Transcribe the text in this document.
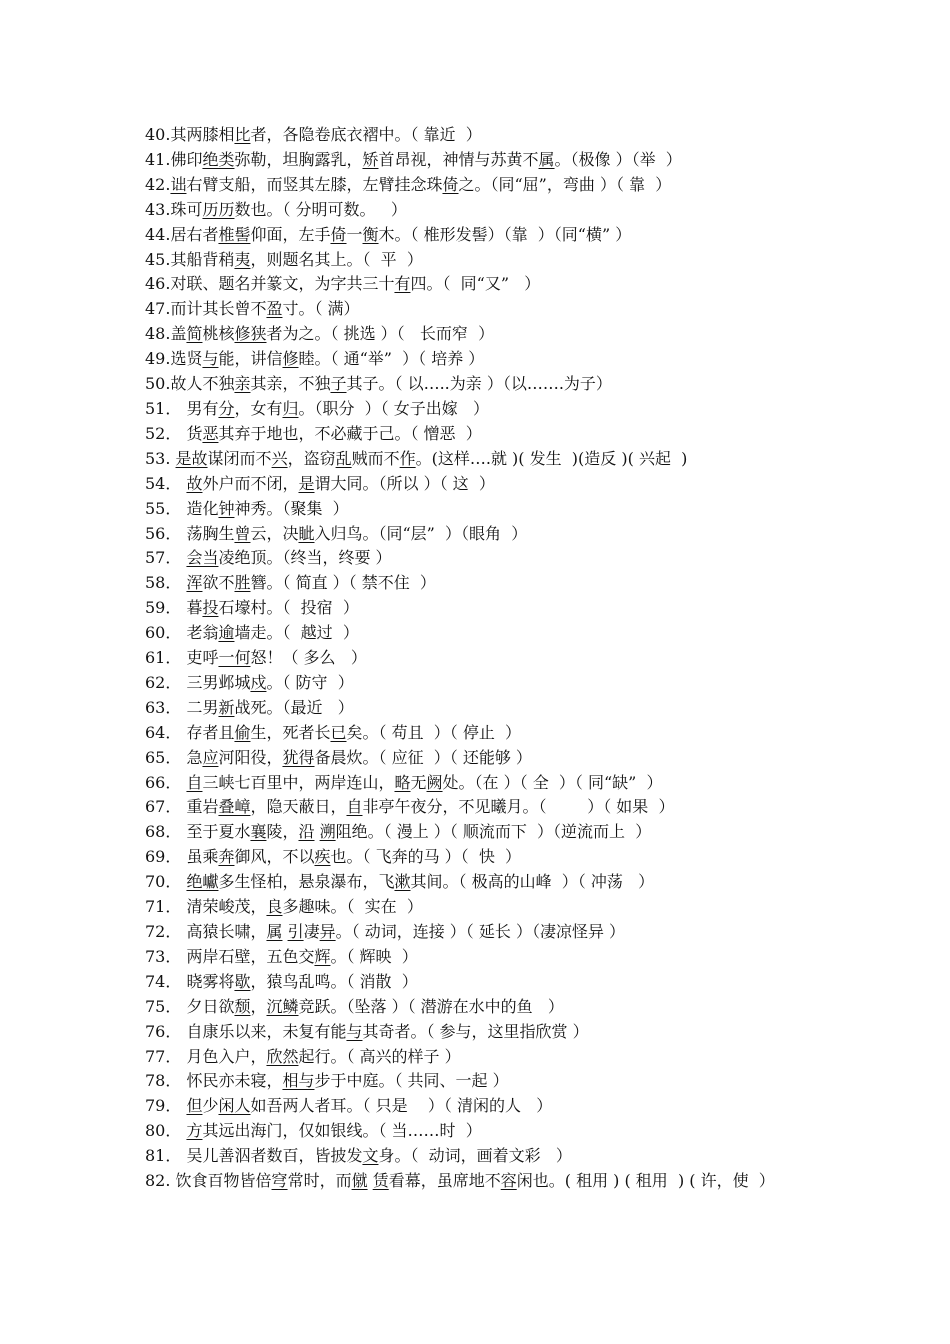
40.其两膝相比者，各隐卷底衣褶中。（ 靠近  ）
41.佛印绝类弥勒，坦胸露乳，矫首昂视，神情与苏黄不属。（极像 ）（举  ）
42.诎右臂支船，而竖其左膝，左臂挂念珠倚之。（同“屈”，弯曲 ）（ 靠  ）
43.珠可历历数也。（ 分明可数。   ）
44.居右者椎髻仰面，左手倚一衡木。（ 椎形发髻）（靠  ）（同“横” ）
45.其船背稍夷，则题名其上。（  平  ）
46.对联、题名并篆文，为字共三十有四。（  同“又”   ）
47.而计其长曾不盈寸。（ 满）
48.盖简桃核修狭者为之。（ 挑选 ）（   长而窄  ）
49.选贤与能，讲信修睦。（ 通“举”  ）（ 培养 ）
50.故人不独亲其亲，不独子其子。（ 以…..为亲 ）（以…….为子）
51． 男有分，女有归。（职分  ）（ 女子出嫁   ）
52． 货恶其弃于地也，不必藏于己。（ 憎恶  ）
53. 是故谋闭而不兴，盗窃乱贼而不作。(这样….就 )( 发生  )(造反 )( 兴起  )
54． 故外户而不闭，是谓大同。（所以 ）（ 这  ）
55． 造化钟神秀。（聚集  ）
56． 荡胸生曾云，决眦入归鸟。（同“层”  ）（眼角  ）
57． 会当凌绝顶。（终当，终要 ）
58． 浑欲不胜簪。（ 简直 ）（ 禁不住  ）
59． 暮投石壕村。（  投宿  ）
60． 老翁逾墙走。（  越过  ）
61． 吏呼一何怒！（ 多么   ）
62． 三男邺城戍。（ 防守  ）
63． 二男新战死。（最近   ）
64． 存者且偷生，死者长已矣。（ 苟且  ）（ 停止  ）
65． 急应河阳役，犹得备晨炊。（ 应征  ）（ 还能够 ）
66． 自三峡七百里中，两岸连山，略无阙处。（在 ）（ 全  ）（ 同“缺”  ）
67． 重岩叠嶂，隐天蔽日，自非亭午夜分，不见曦月。（        ）（ 如果  ）
68． 至于夏水襄陵，沿 溯阻绝。（ 漫上 ）（ 顺流而下  ）（逆流而上  ）
69． 虽乘奔御风，不以疾也。（ 飞奔的马 ）（  快  ）
70． 绝巘多生怪柏，悬泉瀑布，飞漱其间。（ 极高的山峰  ）（ 冲荡   ）
71． 清荣峻茂，良多趣味。（  实在  ）
72． 高猿长啸，属 引凄异。（ 动词，连接 ）（ 延长 ）（凄凉怪异 ）
73． 两岸石壁，五色交辉。（ 辉映  ）
74． 晓雾将歇，猿鸟乱鸣。（ 消散  ）
75． 夕日欲颓，沉鳞竞跃。（坠落 ）（ 潜游在水中的鱼   ）
76． 自康乐以来，未复有能与其奇者。（ 参与，这里指欣赏 ）
77． 月色入户，欣然起行。（ 高兴的样子 ）
78． 怀民亦未寝，相与步于中庭。（ 共同、一起 ）
79． 但少闲人如吾两人者耳。（ 只是    ）（ 清闲的人   ）
80． 方其远出海门，仅如银线。（ 当……时  ）
81． 吴儿善泅者数百，皆披发文身。（  动词，画着文彩   ）
82. 饮食百物皆倍穹常时，而僦 赁看幕，虽席地不容闲也。( 租用 ) ( 租用  ) ( 许，使  ）
